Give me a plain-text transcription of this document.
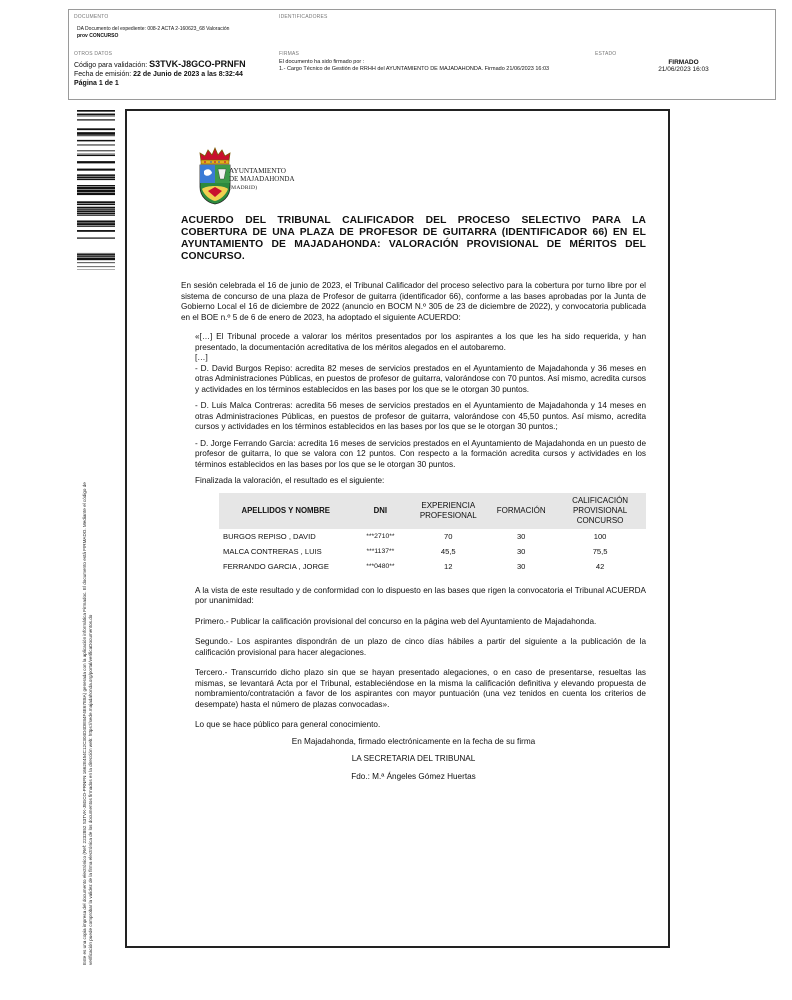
DOCUMENTO
DA Documento del expediente: 008-2 ACTA 2-160623_68 Valoración
prov CONCURSO
IDENTIFICADORES
OTROS DATOS
Código para validación: S3TVK-J8GCO-PRNFN
Fecha de emisión: 22 de Junio de 2023 a las 8:32:44
Página 1 de 1
FIRMAS
El documento ha sido firmado por :
1.- Cargo Técnico de Gestión de RRHH del AYUNTAMIENTO DE MAJADAHONDA. Firmado 21/06/2023 16:03
ESTADO
FIRMADO
21/06/2023 16:03
Este es una copia impresa del documento electrónico (Ref: 2232852 S3TVK-J8GCO-PRNFN 1662E454C12C304D4DE84F4E67E8A) generada con la aplicación informática Firmadoc. El documento está FIRMADO. Mediante el código de verificación puede comprobar la validez de la firma electrónica de los documentos firmados en la dirección web: https://sede.majadahonda.org/portal/verificaDocumentos.do
AYUNTAMIENTO
DE MAJADAHONDA
(MADRID)
ACUERDO DEL TRIBUNAL CALIFICADOR DEL PROCESO SELECTIVO PARA LA COBERTURA DE UNA PLAZA DE PROFESOR DE GUITARRA (IDENTIFICADOR 66) EN EL AYUNTAMIENTO DE MAJADAHONDA: VALORACIÓN PROVISIONAL DE MÉRITOS DEL CONCURSO.

En sesión celebrada el 16 de junio de 2023, el Tribunal Calificador del proceso selectivo para la cobertura por turno libre por el sistema de concurso de una plaza de Profesor de guitarra (identificador 66), conforme a las bases aprobadas por la Junta de Gobierno Local el 16 de diciembre de 2022 (anuncio en BOCM N.º 305 de 23 de diciembre de 2022), y convocatoria publicada en el BOE n.º 5 de 6 de enero de 2023, ha adoptado el siguiente ACUERDO:

«[…] El Tribunal procede a valorar los méritos presentados por los aspirantes a los que les ha sido requerida, y han presentado, la documentación acreditativa de los méritos alegados en el autobaremo.

[…]

- D. David Burgos Repiso: acredita 82 meses de servicios prestados en el Ayuntamiento de Majadahonda y 36 meses en otras Administraciones Públicas, en puestos de profesor de guitarra, valorándose con 70 puntos. Así mismo, acredita cursos y actividades en los términos establecidos en las bases por los que se le otorgan 30 puntos.

- D. Luis Malca Contreras: acredita 56 meses de servicios prestados en el Ayuntamiento de Majadahonda y 14 meses en otras Administraciones Públicas, en puestos de profesor de guitarra, valorándose con 45,50 puntos. Así mismo, acredita cursos y actividades en los términos establecidos en las bases por los que se le otorgan 30 puntos.;

- D. Jorge Ferrando Garcia: acredita 16 meses de servicios prestados en el Ayuntamiento de Majadahonda en un puesto de profesor de guitarra, lo que se valora con 12 puntos. Con respecto a la formación acredita cursos y actividades en los términos establecidos en las bases por los que se le otorgan 30 puntos.

Finalizada la valoración, el resultado es el siguiente:

APELLIDOS Y NOMBRE	DNI	EXPERIENCIA PROFESIONAL	FORMACIÓN	CALIFICACIÓN PROVISIONAL CONCURSO
BURGOS REPISO , DAVID	***2710**	70	30	100
MALCA CONTRERAS , LUIS	***1137**	45,5	30	75,5
FERRANDO GARCIA , JORGE	***0480**	12	30	42

A la vista de este resultado y de conformidad con lo dispuesto en las bases que rigen la convocatoria el Tribunal ACUERDA por unanimidad:

Primero.- Publicar la calificación provisional del concurso en la página web del Ayuntamiento de Majadahonda.

Segundo.- Los aspirantes dispondrán de un plazo de cinco días hábiles a partir del siguiente a la publicación de la calificación provisional para hacer alegaciones.

Tercero.- Transcurrido dicho plazo sin que se hayan presentado alegaciones, o en caso de presentarse, resueltas las mismas, se levantará Acta por el Tribunal, estableciéndose en la misma la calificación definitiva y elevando propuesta de nombramiento/contratación a favor de los aspirantes con mayor puntuación (una vez tenidos en cuenta los criterios de desempate) hasta el número de plazas convocadas».

Lo que se hace público para general conocimiento.

En Majadahonda, firmado electrónicamente en la fecha de su firma

LA SECRETARIA DEL TRIBUNAL

Fdo.: M.ª Ángeles Gómez Huertas
